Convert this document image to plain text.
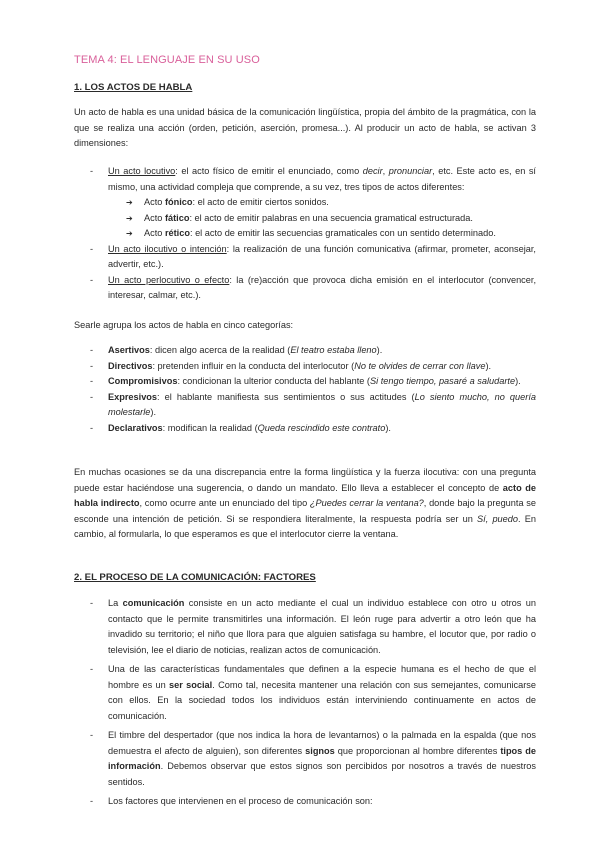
TEMA 4: EL LENGUAJE EN SU USO
1. LOS ACTOS DE HABLA

Un acto de habla es una unidad básica de la comunicación lingüística, propia del ámbito de la pragmática, con la que se realiza una acción (orden, petición, aserción, promesa...). Al producir un acto de habla, se activan 3 dimensiones:

- Un acto locutivo: el acto físico de emitir el enunciado, como decir, pronunciar, etc. Este acto es, en sí mismo, una actividad compleja que comprende, a su vez, tres tipos de actos diferentes:
➔ Acto fónico: el acto de emitir ciertos sonidos.
➔ Acto fático: el acto de emitir palabras en una secuencia gramatical estructurada.
➔ Acto rético: el acto de emitir las secuencias gramaticales con un sentido determinado.
- Un acto ilocutivo o intención: la realización de una función comunicativa (afirmar, prometer, aconsejar, advertir, etc.).
- Un acto perlocutivo o efecto: la (re)acción que provoca dicha emisión en el interlocutor (convencer, interesar, calmar, etc.).

Searle agrupa los actos de habla en cinco categorías:

- Asertivos: dicen algo acerca de la realidad (El teatro estaba lleno).
- Directivos: pretenden influir en la conducta del interlocutor (No te olvides de cerrar con llave).
- Compromisivos: condicionan la ulterior conducta del hablante (Si tengo tiempo, pasaré a saludarte).
- Expresivos: el hablante manifiesta sus sentimientos o sus actitudes (Lo siento mucho, no quería molestarle).
- Declarativos: modifican la realidad (Queda rescindido este contrato).

En muchas ocasiones se da una discrepancia entre la forma lingüística y la fuerza ilocutiva: con una pregunta puede estar haciéndose una sugerencia, o dando un mandato. Ello lleva a establecer el concepto de acto de habla indirecto, como ocurre ante un enunciado del tipo ¿Puedes cerrar la ventana?, donde bajo la pregunta se esconde una intención de petición. Si se respondiera literalmente, la respuesta podría ser un Sí, puedo. En cambio, al formularla, lo que esperamos es que el interlocutor cierre la ventana.

2. EL PROCESO DE LA COMUNICACIÓN: FACTORES
- La comunicación consiste en un acto mediante el cual un individuo establece con otro u otros un contacto que le permite transmitirles una información. El león ruge para advertir a otro león que ha invadido su territorio; el niño que llora para que alguien satisfaga su hambre, el locutor que, por radio o televisión, lee el diario de noticias, realizan actos de comunicación.
- Una de las características fundamentales que definen a la especie humana es el hecho de que el hombre es un ser social. Como tal, necesita mantener una relación con sus semejantes, comunicarse con ellos. En la sociedad todos los individuos están interviniendo continuamente en actos de comunicación.
- El timbre del despertador (que nos indica la hora de levantarnos) o la palmada en la espalda (que nos demuestra el afecto de alguien), son diferentes signos que proporcionan al hombre diferentes tipos de información. Debemos observar que estos signos son percibidos por nosotros a través de nuestros sentidos.
- Los factores que intervienen en el proceso de comunicación son:
